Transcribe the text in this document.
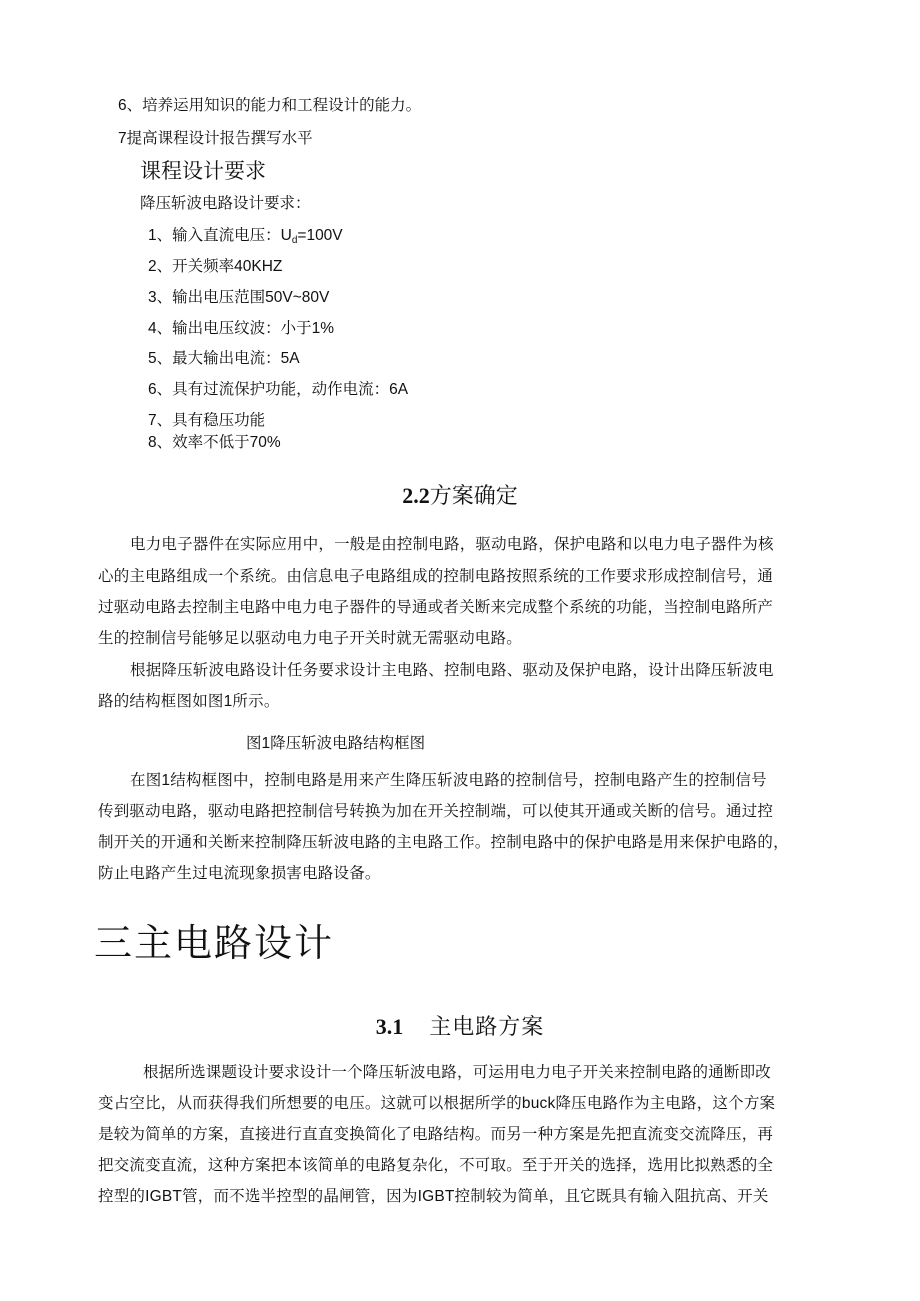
6、培养运用知识的能力和工程设计的能力。
7提高课程设计报告撰写水平
课程设计要求
降压斩波电路设计要求：
1、输入直流电压：$U_d=100V$
2、开关频率40KHZ
3、输出电压范围50V~80V
4、输出电压纹波：小于1%
5、最大输出电流：5A
6、具有过流保护功能，动作电流：6A
7、具有稳压功能
8、效率不低于70%
2.2方案确定
电力电子器件在实际应用中，一般是由控制电路，驱动电路，保护电路和以电力电子器件为核
心的主电路组成一个系统。由信息电子电路组成的控制电路按照系统的工作要求形成控制信号，通
过驱动电路去控制主电路中电力电子器件的导通或者关断来完成整个系统的功能，当控制电路所产
生的控制信号能够足以驱动电力电子开关时就无需驱动电路。
根据降压斩波电路设计任务要求设计主电路、控制电路、驱动及保护电路，设计出降压斩波电
路的结构框图如图1所示。
图1降压斩波电路结构框图
在图1结构框图中，控制电路是用来产生降压斩波电路的控制信号，控制电路产生的控制信号
传到驱动电路，驱动电路把控制信号转换为加在开关控制端，可以使其开通或关断的信号。通过控
制开关的开通和关断来控制降压斩波电路的主电路工作。控制电路中的保护电路是用来保护电路的，
防止电路产生过电流现象损害电路设备。
三主电路设计
3.1 主电路方案
根据所选课题设计要求设计一个降压斩波电路，可运用电力电子开关来控制电路的通断即改
变占空比，从而获得我们所想要的电压。这就可以根据所学的buck降压电路作为主电路，这个方案
是较为简单的方案，直接进行直直变换简化了电路结构。而另一种方案是先把直流变交流降压，再
把交流变直流，这种方案把本该简单的电路复杂化，不可取。至于开关的选择，选用比拟熟悉的全
控型的IGBT管，而不选半控型的晶闸管，因为IGBT控制较为简单，且它既具有输入阻抗高、开关
